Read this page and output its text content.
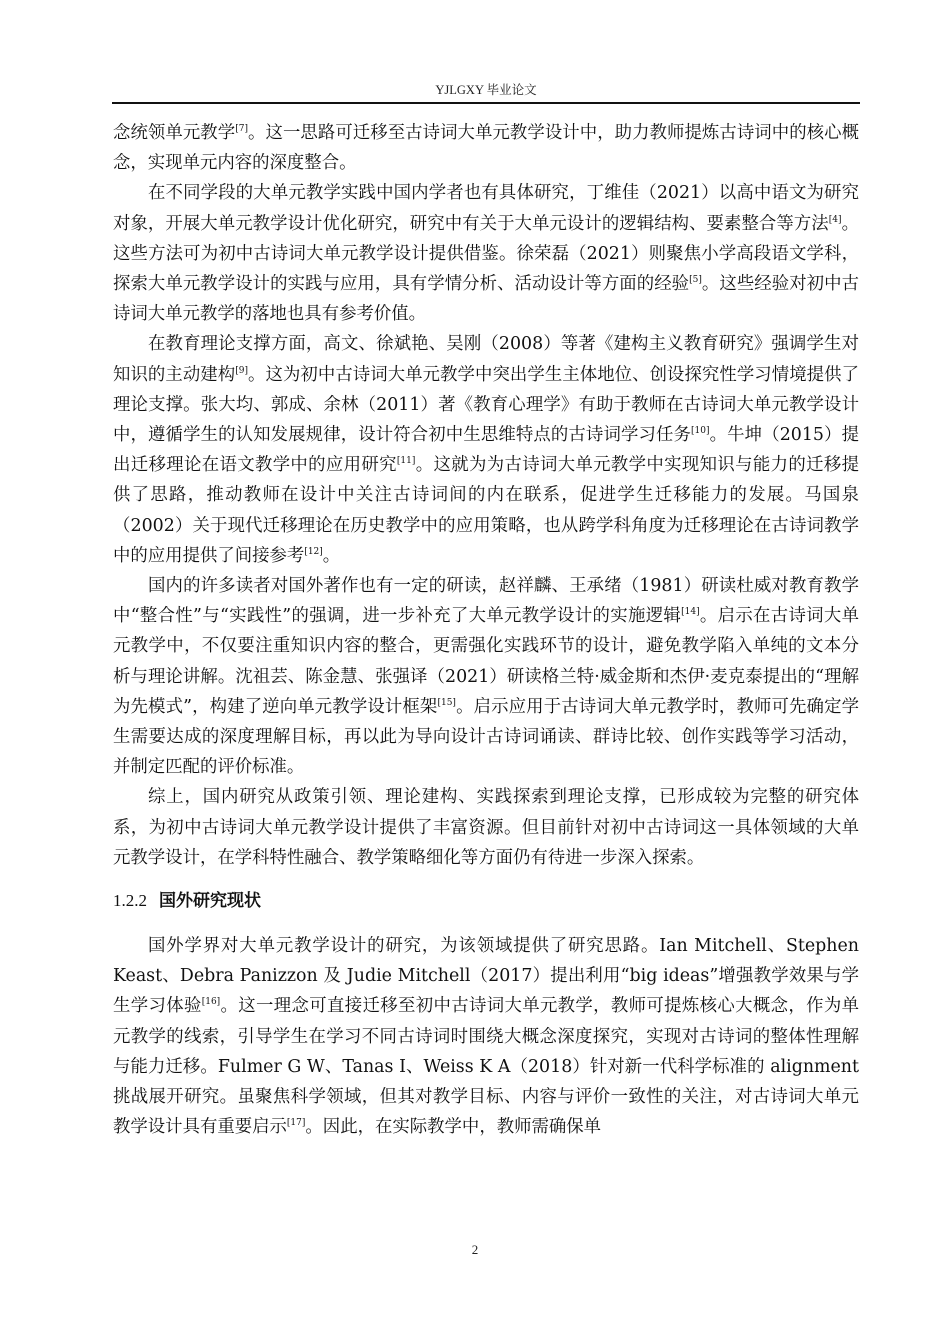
YJLGXY 毕业论文

念统领单元教学[7]。这一思路可迁移至古诗词大单元教学设计中，助力教师提炼古诗词中的核心概念，实现单元内容的深度整合。

在不同学段的大单元教学实践中国内学者也有具体研究，丁维佳（2021）以高中语文为研究对象，开展大单元教学设计优化研究，研究中有关于大单元设计的逻辑结构、要素整合等方法[4]。这些方法可为初中古诗词大单元教学设计提供借鉴。徐荣磊（2021）则聚焦小学高段语文学科，探索大单元教学设计的实践与应用，具有学情分析、活动设计等方面的经验[5]。这些经验对初中古诗词大单元教学的落地也具有参考价值。

在教育理论支撑方面，高文、徐斌艳、吴刚（2008）等著《建构主义教育研究》强调学生对知识的主动建构[9]。这为初中古诗词大单元教学中突出学生主体地位、创设探究性学习情境提供了理论支撑。张大均、郭成、余林（2011）著《教育心理学》有助于教师在古诗词大单元教学设计中，遵循学生的认知发展规律，设计符合初中生思维特点的古诗词学习任务[10]。牛坤（2015）提出迁移理论在语文教学中的应用研究[11]。这就为为古诗词大单元教学中实现知识与能力的迁移提供了思路，推动教师在设计中关注古诗词间的内在联系，促进学生迁移能力的发展。马国泉（2002）关于现代迁移理论在历史教学中的应用策略，也从跨学科角度为迁移理论在古诗词教学中的应用提供了间接参考[12]。

国内的许多读者对国外著作也有一定的研读，赵祥麟、王承绪（1981）研读杜威对教育教学中“整合性”与“实践性”的强调，进一步补充了大单元教学设计的实施逻辑[14]。启示在古诗词大单元教学中，不仅要注重知识内容的整合，更需强化实践环节的设计，避免教学陷入单纯的文本分析与理论讲解。沈祖芸、陈金慧、张强译（2021）研读格兰特·威金斯和杰伊·麦克泰提出的“理解为先模式”，构建了逆向单元教学设计框架[15]。启示应用于古诗词大单元教学时，教师可先确定学生需要达成的深度理解目标，再以此为导向设计古诗词诵读、群诗比较、创作实践等学习活动，并制定匹配的评价标准。

综上，国内研究从政策引领、理论建构、实践探索到理论支撑，已形成较为完整的研究体系，为初中古诗词大单元教学设计提供了丰富资源。但目前针对初中古诗词这一具体领域的大单元教学设计，在学科特性融合、教学策略细化等方面仍有待进一步深入探索。

1.2.2 国外研究现状

国外学界对大单元教学设计的研究，为该领域提供了研究思路。Ian Mitchell、Stephen Keast、Debra Panizzon 及 Judie Mitchell（2017）提出利用“big ideas”增强教学效果与学生学习体验[16]。这一理念可直接迁移至初中古诗词大单元教学，教师可提炼核心大概念，作为单元教学的线索，引导学生在学习不同古诗词时围绕大概念深度探究，实现对古诗词的整体性理解与能力迁移。Fulmer G W、Tanas I、Weiss K A（2018）针对新一代科学标准的 alignment 挑战展开研究。虽聚焦科学领域，但其对教学目标、内容与评价一致性的关注，对古诗词大单元教学设计具有重要启示[17]。因此，在实际教学中，教师需确保单

2
